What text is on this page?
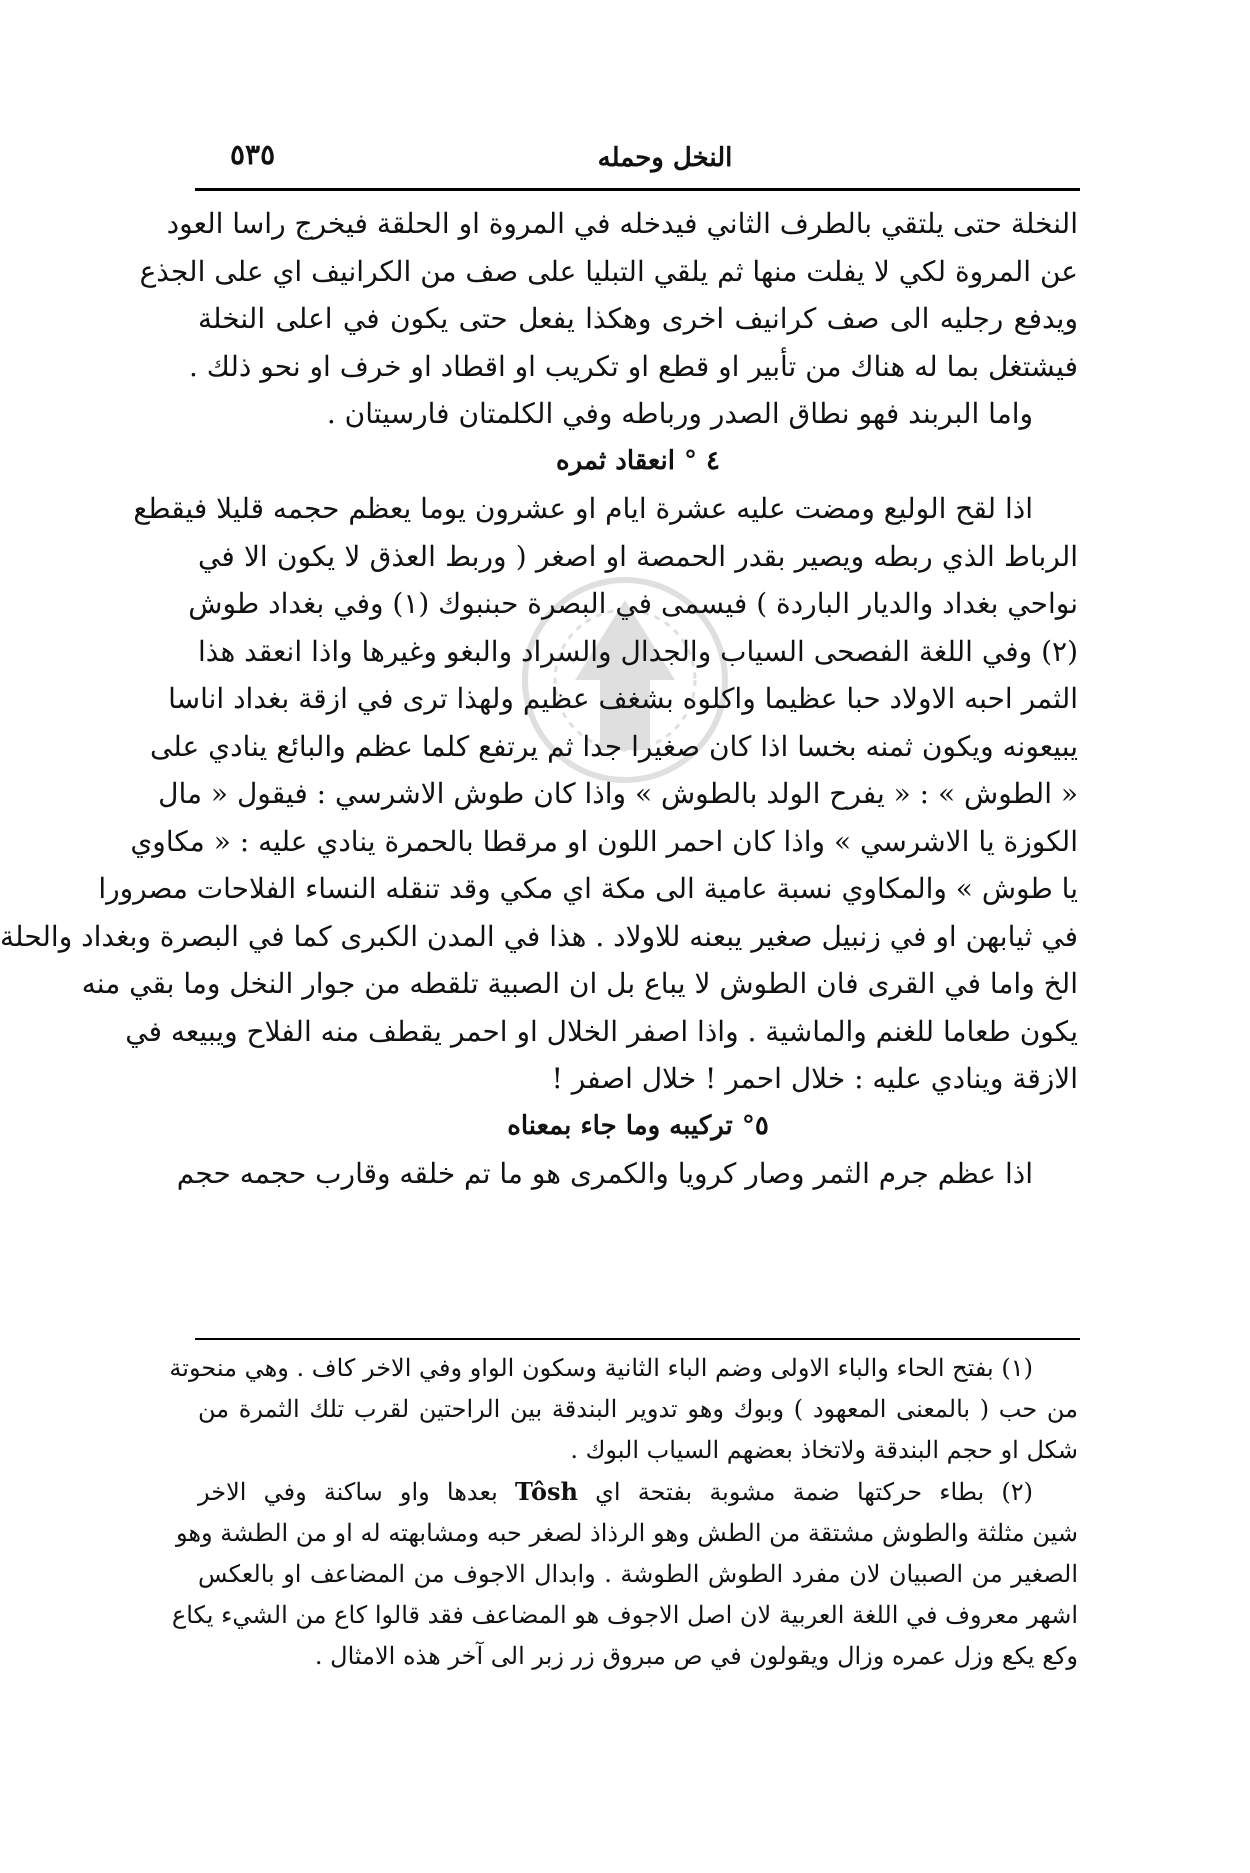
النخل وحمله
٥٣٥

النخلة حتى يلتقي بالطرف الثاني فيدخله في المروة او الحلقة فيخرج راسا العود
عن المروة لكي لا يفلت منها ثم يلقي التبليا على صف من الكرانيف اي على الجذع
ويدفع رجليه الى صف كرانيف اخرى وهكذا يفعل حتى يكون في اعلى النخلة
فيشتغل بما له هناك من تأبير او قطع او تكريب او اقطاد او خرف او نحو ذلك .

واما البربند فهو نطاق الصدر ورباطه وفي الكلمتان فارسيتان .

٤ ° انعقاد ثمره

اذا لقح الوليع ومضت عليه عشرة ايام او عشرون يوما يعظم حجمه قليلا فيقطع
الرباط الذي ربطه ويصير بقدر الحمصة او اصغر ( وربط العذق لا يكون الا في
نواحي بغداد والديار الباردة ) فيسمى في البصرة حبنبوك (١) وفي بغداد طوش
(٢) وفي اللغة الفصحى السياب والجدال والسراد والبغو وغيرها واذا انعقد هذا
الثمر احبه الاولاد حبا عظيما واكلوه بشغف عظيم ولهذا ترى في ازقة بغداد اناسا
يبيعونه ويكون ثمنه بخسا اذا كان صغيرا جدا ثم يرتفع كلما عظم والبائع ينادي على
« الطوش » : « يفرح الولد بالطوش » واذا كان طوش الاشرسي : فيقول « مال
الكوزة يا الاشرسي » واذا كان احمر اللون او مرقطا بالحمرة ينادي عليه : « مكاوي
يا طوش » والمكاوي نسبة عامية الى مكة اي مكي وقد تنقله النساء الفلاحات مصرورا
في ثيابهن او في زنبيل صغير يبعنه للاولاد . هذا في المدن الكبرى كما في البصرة وبغداد والحلة
الخ واما في القرى فان الطوش لا يباع بل ان الصبية تلقطه من جوار النخل وما بقي منه
يكون طعاما للغنم والماشية . واذا اصفر الخلال او احمر يقطف منه الفلاح ويبيعه في
الازقة وينادي عليه : خلال احمر ! خلال اصفر !

٥° تركيبه وما جاء بمعناه

اذا عظم جرم الثمر وصار كرويا والكمرى هو ما تم خلقه وقارب حجمه حجم

(١) بفتح الحاء والباء الاولى وضم الباء الثانية وسكون الواو وفي الاخر كاف . وهي منحوتة
من حب ( بالمعنى المعهود ) وبوك وهو تدوير البندقة بين الراحتين لقرب تلك الثمرة من
شكل او حجم البندقة ولاتخاذ بعضهم السياب البوك .
(٢) بطاء حركتها ضمة مشوبة بفتحة اي Tôsh بعدها واو ساكنة وفي الاخر
شين مثلثة والطوش مشتقة من الطش وهو الرذاذ لصغر حبه ومشابهته له او من الطشة وهو
الصغير من الصبيان لان مفرد الطوش الطوشة . وابدال الاجوف من المضاعف او بالعكس
اشهر معروف في اللغة العربية لان اصل الاجوف هو المضاعف فقد قالوا كاع من الشيء يكاع
وكع يكع وزل عمره وزال ويقولون في ص مبروق زر زبر الى آخر هذه الامثال .
